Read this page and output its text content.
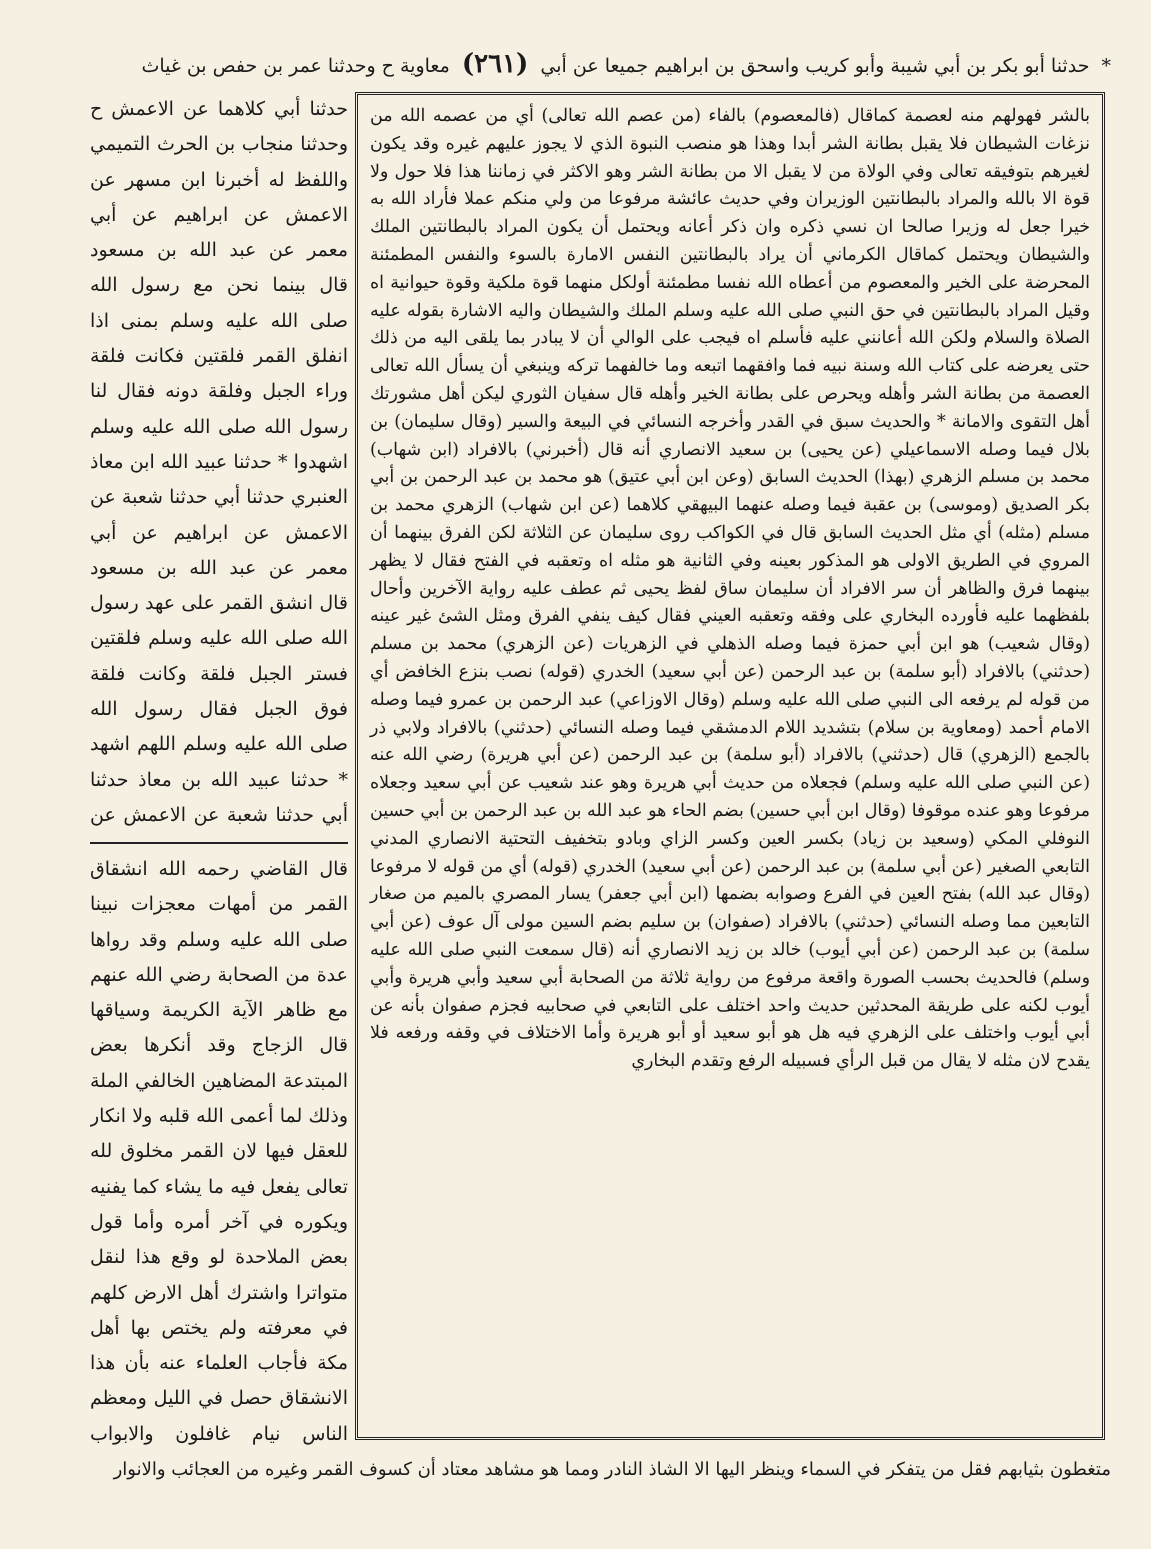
* حدثنا أبو بكر بن أبي شيبة وأبو كريب واسحق بن ابراهيم جميعا عن أبي (٢٦١) معاوية ح وحدثنا عمر بن حفص بن غياث

بالشر فهولهم منه لعصمة كماقال (فالمعصوم) بالفاء (من عصم الله تعالى) أي من عصمه الله من نزغات الشيطان فلا يقبل بطانة الشر أبدا وهذا هو منصب النبوة الذي لا يجوز عليهم غيره وقد يكون لغيرهم بتوفيقه تعالى وفي الولاة من لا يقبل الا من بطانة الشر وهو الاكثر في زماننا هذا فلا حول ولا قوة الا بالله والمراد بالبطانتين الوزيران وفي حديث عائشة مرفوعا من ولي منكم عملا فأراد الله به خيرا جعل له وزيرا صالحا ان نسي ذكره وان ذكر أعانه ويحتمل أن يكون المراد بالبطانتين الملك والشيطان ويحتمل كماقال الكرماني أن يراد بالبطانتين النفس الامارة بالسوء والنفس المطمئنة المحرضة على الخير والمعصوم من أعطاه الله نفسا مطمئنة أولكل منهما قوة ملكية وقوة حيوانية اه وقيل المراد بالبطانتين في حق النبي صلى الله عليه وسلم الملك والشيطان واليه الاشارة بقوله عليه الصلاة والسلام ولكن الله أعانني عليه فأسلم اه فيجب على الوالي أن لا يبادر بما يلقى اليه من ذلك حتى يعرضه على كتاب الله وسنة نبيه فما وافقهما اتبعه وما خالفهما تركه وينبغي أن يسأل الله تعالى العصمة من بطانة الشر وأهله ويحرص على بطانة الخير وأهله قال سفيان الثوري ليكن أهل مشورتك أهل التقوى والامانة * والحديث سبق في القدر وأخرجه النسائي في البيعة والسير (وقال سليمان) بن بلال فيما وصله الاسماعيلي (عن يحيى) بن سعيد الانصاري أنه قال (أخبرني) بالافراد (ابن شهاب) محمد بن مسلم الزهري (بهذا) الحديث السابق (وعن ابن أبي عتيق) هو محمد بن عبد الرحمن بن أبي بكر الصديق (وموسى) بن عقبة فيما وصله عنهما البيهقي كلاهما (عن ابن شهاب) الزهري محمد بن مسلم (مثله) أي مثل الحديث السابق قال في الكواكب روى سليمان عن الثلاثة لكن الفرق بينهما أن المروي في الطريق الاولى هو المذكور بعينه وفي الثانية هو مثله اه وتعقبه في الفتح فقال لا يظهر بينهما فرق والظاهر أن سر الافراد أن سليمان ساق لفظ يحيى ثم عطف عليه رواية الآخرين وأحال بلفظهما عليه فأورده البخاري على وفقه وتعقبه العيني فقال كيف ينفي الفرق ومثل الشئ غير عينه (وقال شعيب) هو ابن أبي حمزة فيما وصله الذهلي في الزهريات (عن الزهري) محمد بن مسلم (حدثني) بالافراد (أبو سلمة) بن عبد الرحمن (عن أبي سعيد) الخدري (قوله) نصب بنزع الخافض أي من قوله لم يرفعه الى النبي صلى الله عليه وسلم (وقال الاوزاعي) عبد الرحمن بن عمرو فيما وصله الامام أحمد (ومعاوية بن سلام) بتشديد اللام الدمشقي فيما وصله النسائي (حدثني) بالافراد ولابي ذر بالجمع (الزهري) قال (حدثني) بالافراد (أبو سلمة) بن عبد الرحمن (عن أبي هريرة) رضي الله عنه (عن النبي صلى الله عليه وسلم) فجعلاه من حديث أبي هريرة وهو عند شعيب عن أبي سعيد وجعلاه مرفوعا وهو عنده موقوفا (وقال ابن أبي حسين) بضم الحاء هو عبد الله بن عبد الرحمن بن أبي حسين النوفلي المكي (وسعيد بن زياد) بكسر العين وكسر الزاي وبادو بتخفيف التحتية الانصاري المدني التابعي الصغير (عن أبي سلمة) بن عبد الرحمن (عن أبي سعيد) الخدري (قوله) أي من قوله لا مرفوعا (وقال عبد الله) بفتح العين في الفرع وصوابه بضمها (ابن أبي جعفر) يسار المصري بالميم من صغار التابعين مما وصله النسائي (حدثني) بالافراد (صفوان) بن سليم بضم السين مولى آل عوف (عن أبي سلمة) بن عبد الرحمن (عن أبي أيوب) خالد بن زيد الانصاري أنه (قال سمعت النبي صلى الله عليه وسلم) فالحديث بحسب الصورة واقعة مرفوع من رواية ثلاثة من الصحابة أبي سعيد وأبي هريرة وأبي أيوب لكنه على طريقة المحدثين حديث واحد اختلف على التابعي في صحابيه فجزم صفوان بأنه عن أبي أيوب واختلف على الزهري فيه هل هو أبو سعيد أو أبو هريرة وأما الاختلاف في وقفه ورفعه فلا يقدح لان مثله لا يقال من قبل الرأي فسبيله الرفع وتقدم البخاري

حدثنا أبي كلاهما عن الاعمش ح وحدثنا منجاب بن الحرث التميمي واللفظ له أخبرنا ابن مسهر عن الاعمش عن ابراهيم عن أبي معمر عن عبد الله بن مسعود قال بينما نحن مع رسول الله صلى الله عليه وسلم بمنى اذا انفلق القمر فلقتين فكانت فلقة وراء الجبل وفلقة دونه فقال لنا رسول الله صلى الله عليه وسلم اشهدوا * حدثنا عبيد الله ابن معاذ العنبري حدثنا أبي حدثنا شعبة عن الاعمش عن ابراهيم عن أبي معمر عن عبد الله بن مسعود قال انشق القمر على عهد رسول الله صلى الله عليه وسلم فلقتين فستر الجبل فلقة وكانت فلقة فوق الجبل فقال رسول الله صلى الله عليه وسلم اللهم اشهد * حدثنا عبيد الله بن معاذ حدثنا أبي حدثنا شعبة عن الاعمش عن

قال القاضي رحمه الله انشقاق القمر من أمهات معجزات نبينا صلى الله عليه وسلم وقد رواها عدة من الصحابة رضي الله عنهم مع ظاهر الآية الكريمة وسياقها قال الزجاج وقد أنكرها بعض المبتدعة المضاهين الخالفي الملة وذلك لما أعمى الله قلبه ولا انكار للعقل فيها لان القمر مخلوق لله تعالى يفعل فيه ما يشاء كما يفنيه ويكوره في آخر أمره وأما قول بعض الملاحدة لو وقع هذا لنقل متواترا واشترك أهل الارض كلهم في معرفته ولم يختص بها أهل مكة فأجاب العلماء عنه بأن هذا الانشقاق حصل في الليل ومعظم الناس نيام غافلون والابواب

متغطون بثيابهم فقل من يتفكر في السماء وينظر اليها الا الشاذ النادر ومما هو مشاهد معتاد أن كسوف القمر وغيره من العجائب والانوار
